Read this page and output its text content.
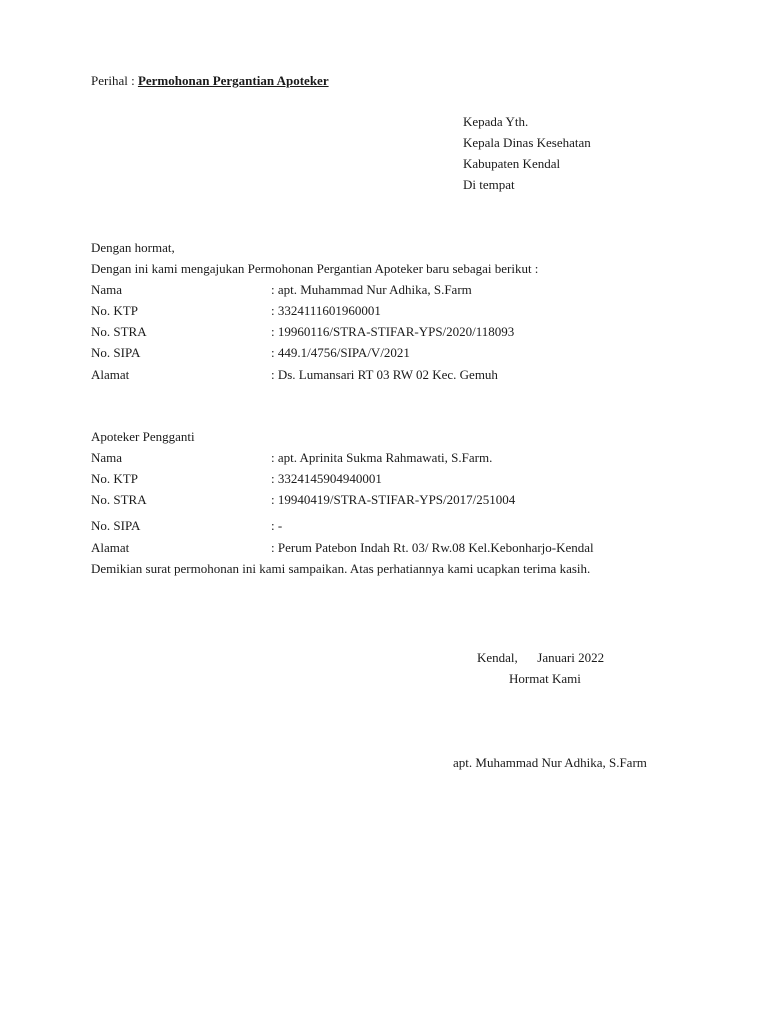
Perihal : Permohonan Pergantian Apoteker
Kepada Yth.
Kepala Dinas Kesehatan
Kabupaten Kendal
Di tempat
Dengan hormat,
Dengan ini kami mengajukan Permohonan Pergantian Apoteker baru sebagai berikut :
Nama	: apt. Muhammad Nur Adhika, S.Farm
No. KTP	: 3324111601960001
No. STRA	: 19960116/STRA-STIFAR-YPS/2020/118093
No. SIPA	: 449.1/4756/SIPA/V/2021
Alamat	: Ds. Lumansari RT 03 RW 02 Kec. Gemuh
Apoteker Pengganti
Nama	: apt. Aprinita Sukma Rahmawati, S.Farm.
No. KTP	: 3324145904940001
No. STRA	: 19940419/STRA-STIFAR-YPS/2017/251004
No. SIPA	: -
Alamat	: Perum Patebon Indah Rt. 03/ Rw.08 Kel.Kebonharjo-Kendal
Demikian surat permohonan ini kami sampaikan. Atas perhatiannya kami ucapkan terima kasih.
Kendal,      Januari 2022
Hormat Kami
apt. Muhammad Nur Adhika, S.Farm
